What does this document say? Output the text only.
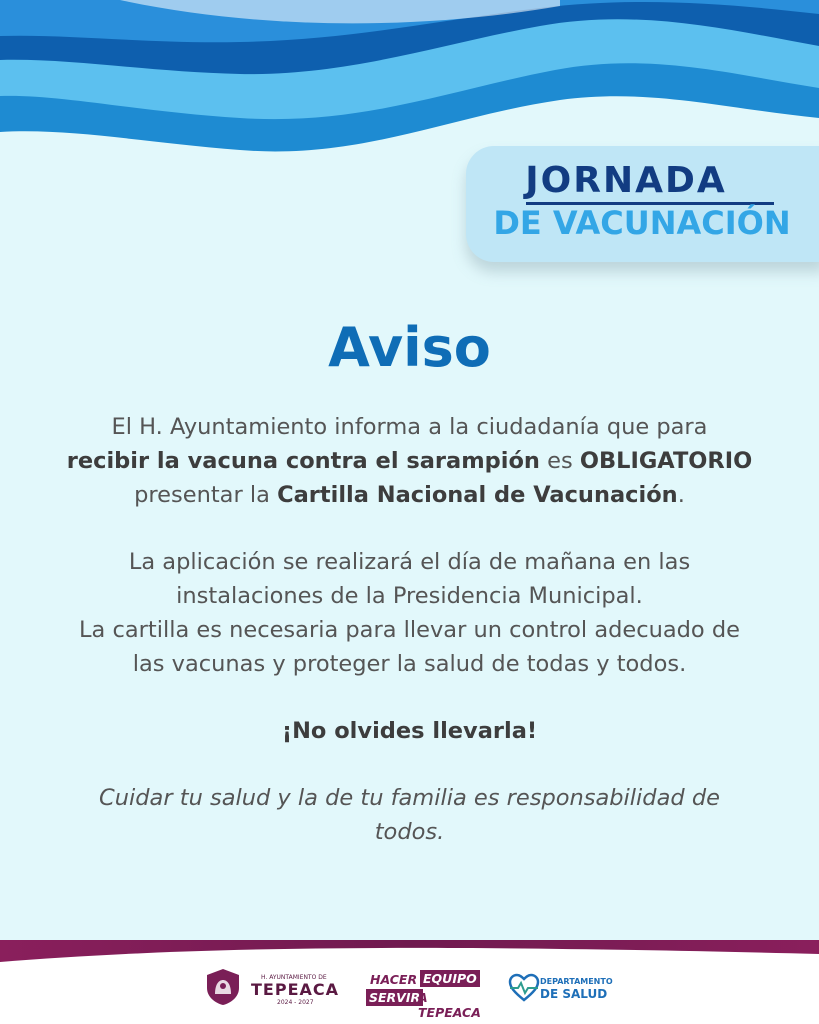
JORNADA
DE VACUNACIÓN
Aviso

El H. Ayuntamiento informa a la ciudadanía que para

recibir la vacuna contra el sarampión es OBLIGATORIO

presentar la Cartilla Nacional de Vacunación.

La aplicación se realizará el día de mañana en las

instalaciones de la Presidencia Municipal.

La cartilla es necesaria para llevar un control adecuado de

las vacunas y proteger la salud de todas y todos.

¡No olvides llevarla!

Cuidar tu salud y la de tu familia es responsabilidad de

todos.

H. AYUNTAMIENTO DE
TEPEACA
2024 - 2027
HACER EQUIPO
SERVIR
A TEPEACA
DEPARTAMENTO
DE SALUD
